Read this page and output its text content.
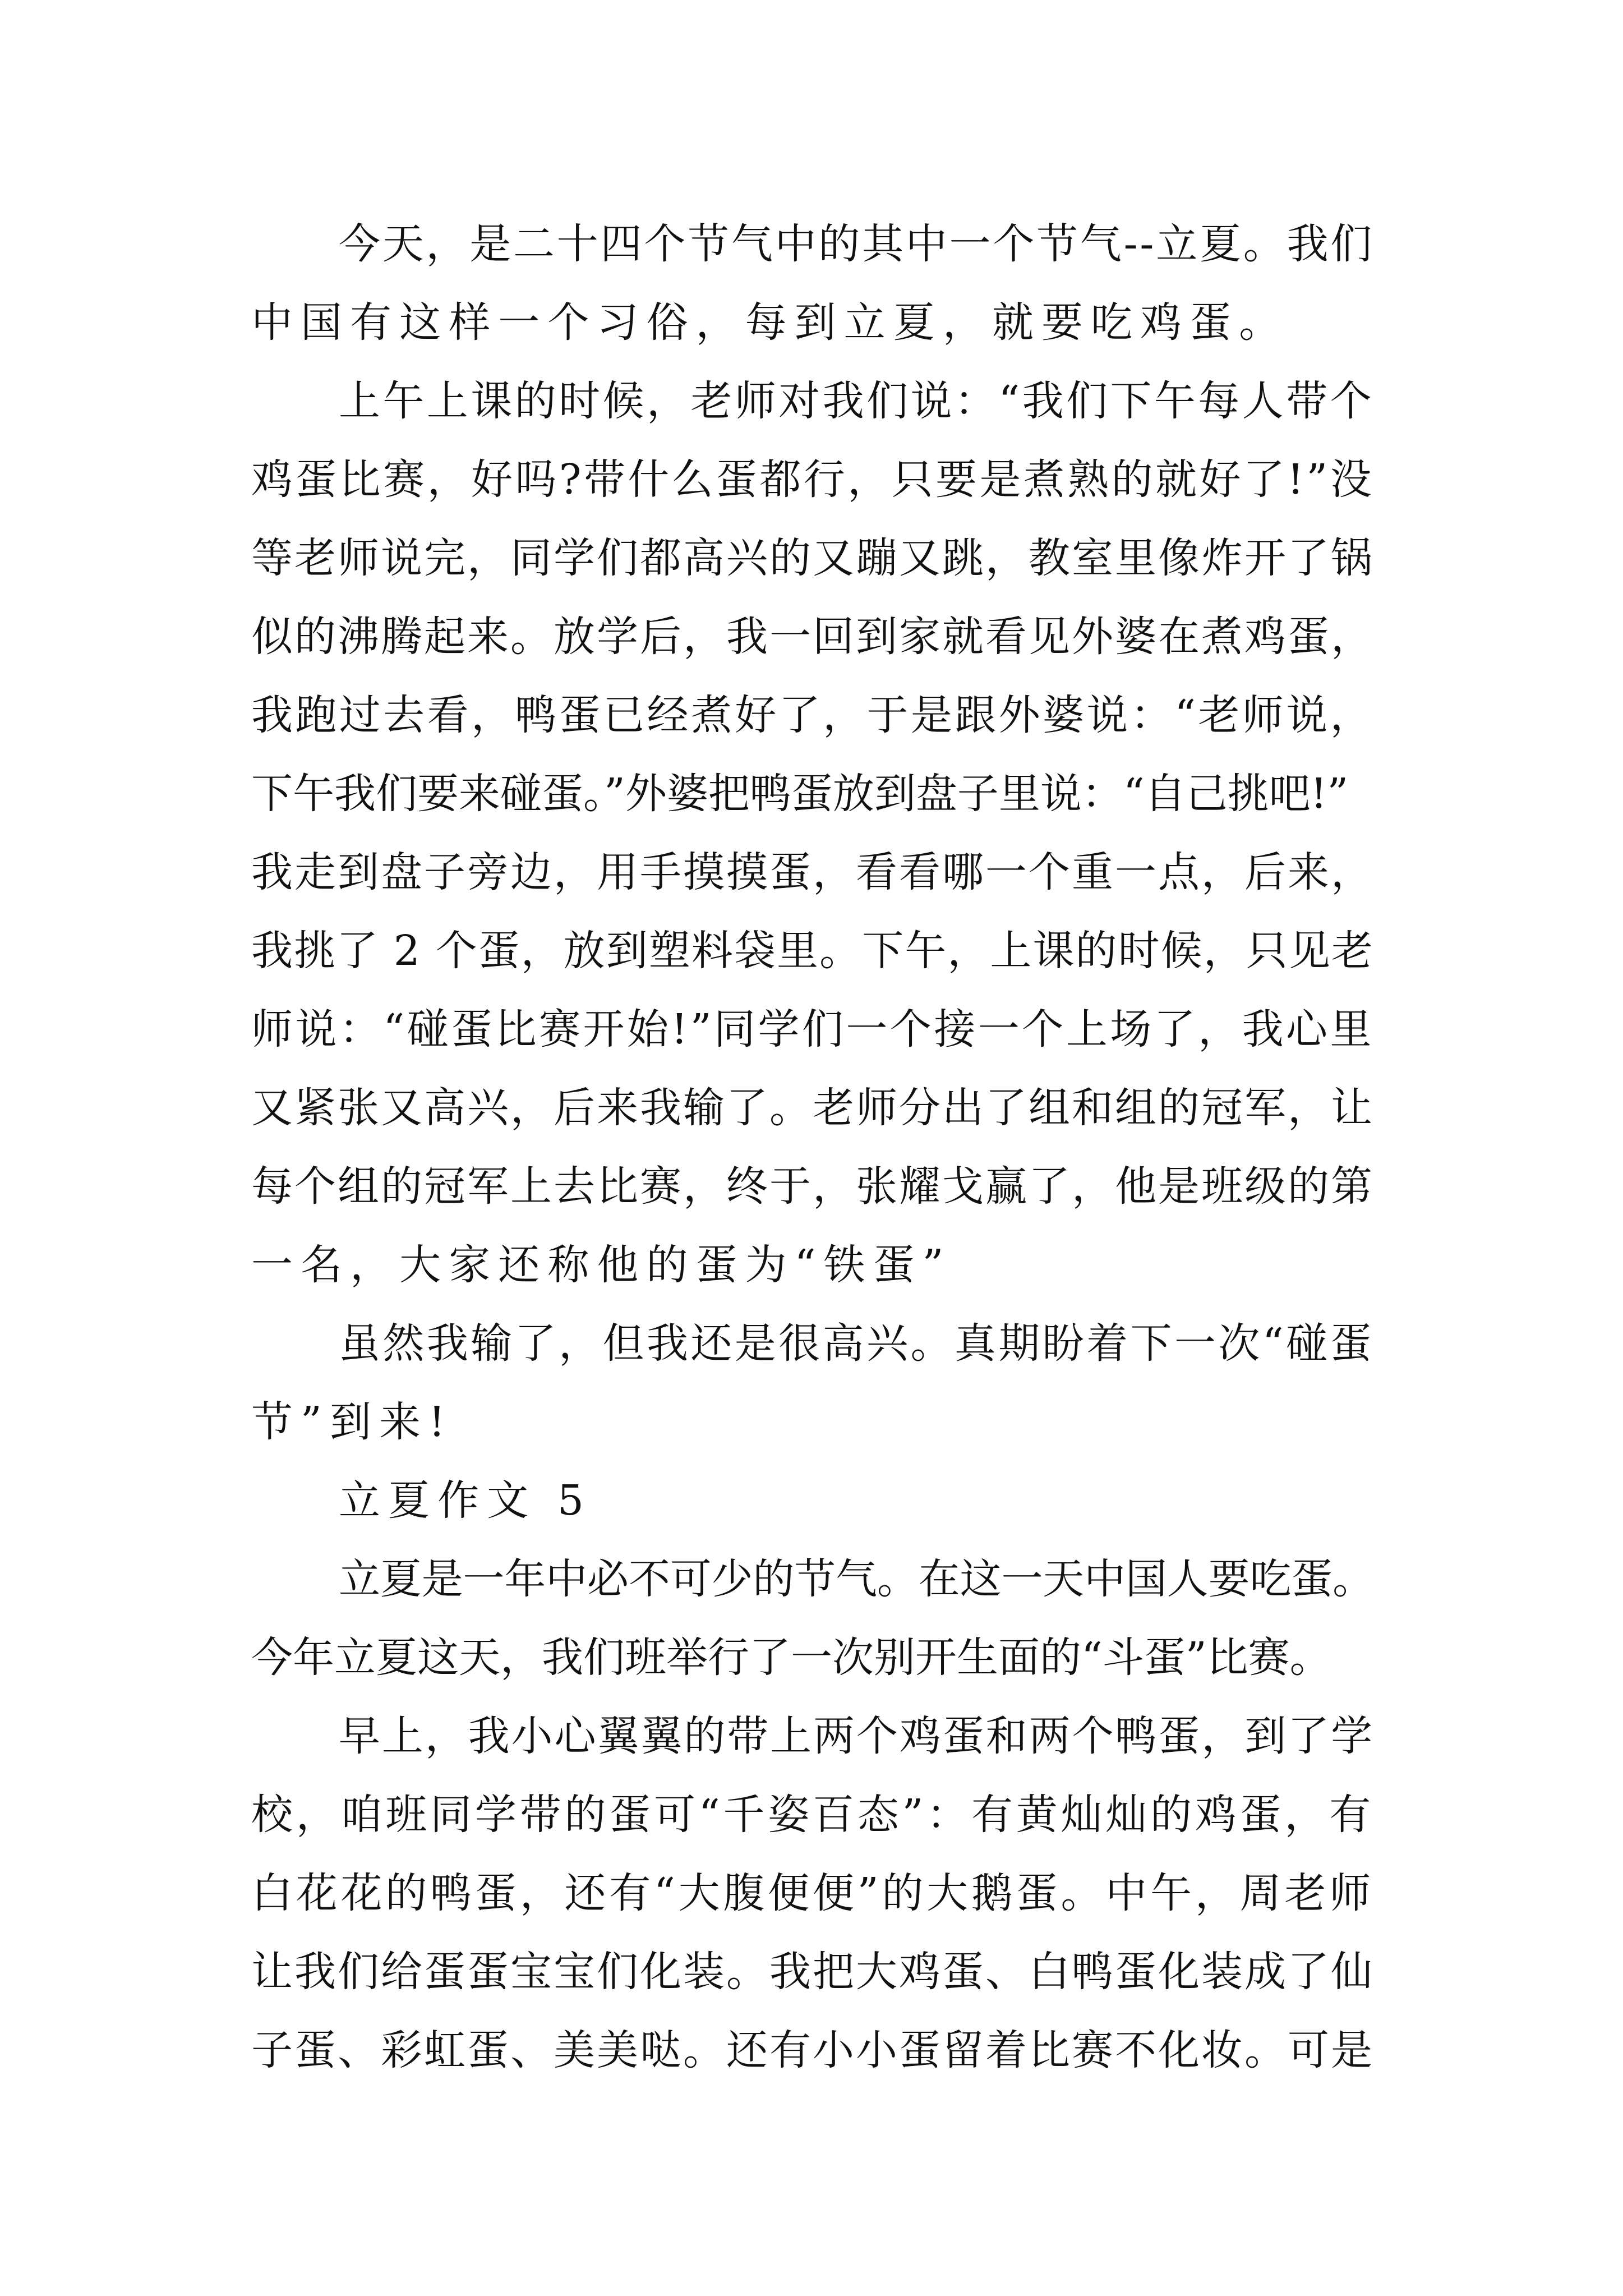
今天，是二十四个节气中的其中一个节气--立夏。我们

中国有这样一个习俗，每到立夏，就要吃鸡蛋。

上午上课的时候，老师对我们说：“我们下午每人带个

鸡蛋比赛，好吗?带什么蛋都行，只要是煮熟的就好了!”没

等老师说完，同学们都高兴的又蹦又跳，教室里像炸开了锅

似的沸腾起来。放学后，我一回到家就看见外婆在煮鸡蛋，

我跑过去看，鸭蛋已经煮好了，于是跟外婆说：“老师说，

下午我们要来碰蛋。”外婆把鸭蛋放到盘子里说：“自己挑吧!”

我走到盘子旁边，用手摸摸蛋，看看哪一个重一点，后来，

我挑了 2 个蛋，放到塑料袋里。下午，上课的时候，只见老

师说：“碰蛋比赛开始!”同学们一个接一个上场了，我心里

又紧张又高兴，后来我输了。老师分出了组和组的冠军，让

每个组的冠军上去比赛，终于，张耀戈赢了，他是班级的第

一名，大家还称他的蛋为“铁蛋”

虽然我输了，但我还是很高兴。真期盼着下一次“碰蛋

节”到来!

立夏作文 5

立夏是一年中必不可少的节气。在这一天中国人要吃蛋。

今年立夏这天，我们班举行了一次别开生面的“斗蛋”比赛。

早上，我小心翼翼的带上两个鸡蛋和两个鸭蛋，到了学

校，咱班同学带的蛋可“千姿百态”：有黄灿灿的鸡蛋，有

白花花的鸭蛋，还有“大腹便便”的大鹅蛋。中午，周老师

让我们给蛋蛋宝宝们化装。我把大鸡蛋、白鸭蛋化装成了仙

子蛋、彩虹蛋、美美哒。还有小小蛋留着比赛不化妆。可是
